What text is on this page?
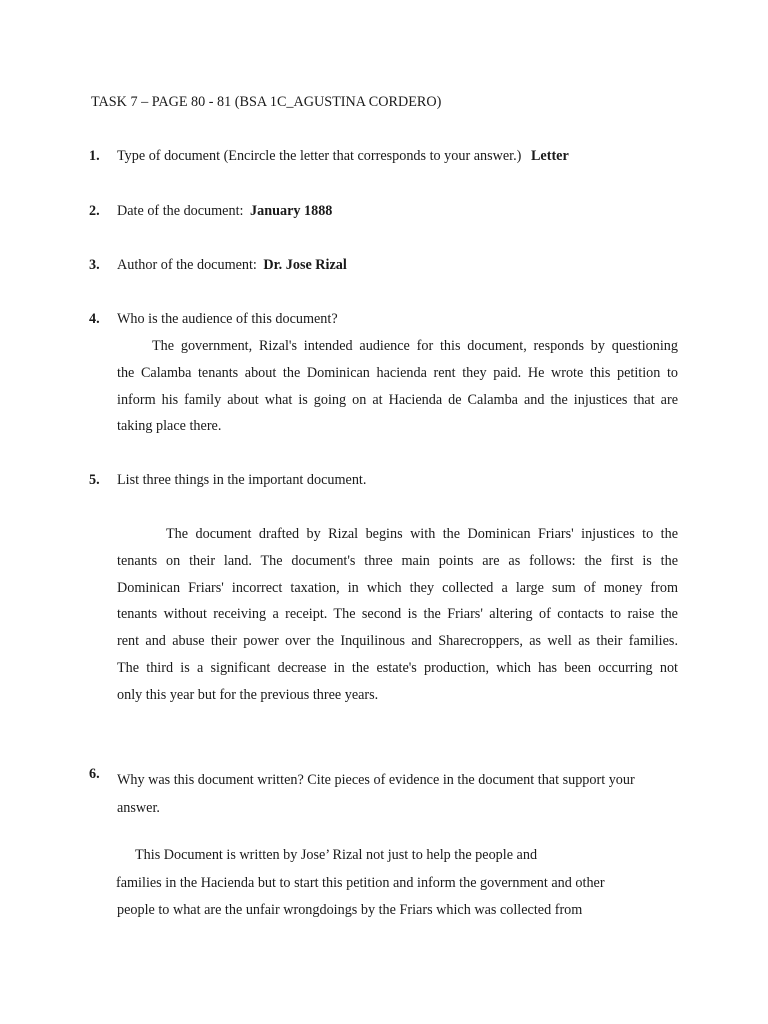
TASK 7 – PAGE 80 - 81 (BSA 1C_AGUSTINA CORDERO)
1. Type of document (Encircle the letter that corresponds to your answer.) Letter
2. Date of the document: January 1888
3. Author of the document: Dr. Jose Rizal
4. Who is the audience of this document?
The government, Rizal's intended audience for this document, responds by questioning
the Calamba tenants about the Dominican hacienda rent they paid. He wrote this petition to
inform his family about what is going on at Hacienda de Calamba and the injustices that are
taking place there.
5. List three things in the important document.
The document drafted by Rizal begins with the Dominican Friars' injustices to the
tenants on their land. The document's three main points are as follows: the first is the
Dominican Friars' incorrect taxation, in which they collected a large sum of money from
tenants without receiving a receipt. The second is the Friars' altering of contacts to raise the
rent and abuse their power over the Inquilinous and Sharecroppers, as well as their families.
The third is a significant decrease in the estate's production, which has been occurring not
only this year but for the previous three years.
6. Why was this document written? Cite pieces of evidence in the document that support your
answer.
This Document is written by Jose’ Rizal not just to help the people and
families in the Hacienda but to start this petition and inform the government and other
people to what are the unfair wrongdoings by the Friars which was collected from
